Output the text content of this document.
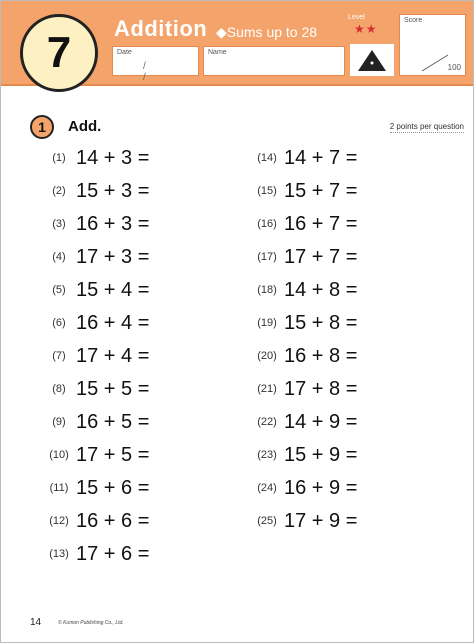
7	Addition ◆Sums up to 28
Date
/ /
Name
Level
★★
Score
100
1	Add.	2 points per question
(1) 14 + 3 =
(2) 15 + 3 =
(3) 16 + 3 =
(4) 17 + 3 =
(5) 15 + 4 =
(6) 16 + 4 =
(7) 17 + 4 =
(8) 15 + 5 =
(9) 16 + 5 =
(10) 17 + 5 =
(11) 15 + 6 =
(12) 16 + 6 =
(13) 17 + 6 =
(14) 14 + 7 =
(15) 15 + 7 =
(16) 16 + 7 =
(17) 17 + 7 =
(18) 14 + 8 =
(19) 15 + 8 =
(20) 16 + 8 =
(21) 17 + 8 =
(22) 14 + 9 =
(23) 15 + 9 =
(24) 16 + 9 =
(25) 17 + 9 =
14	© Kumon Publishing Co., Ltd.
